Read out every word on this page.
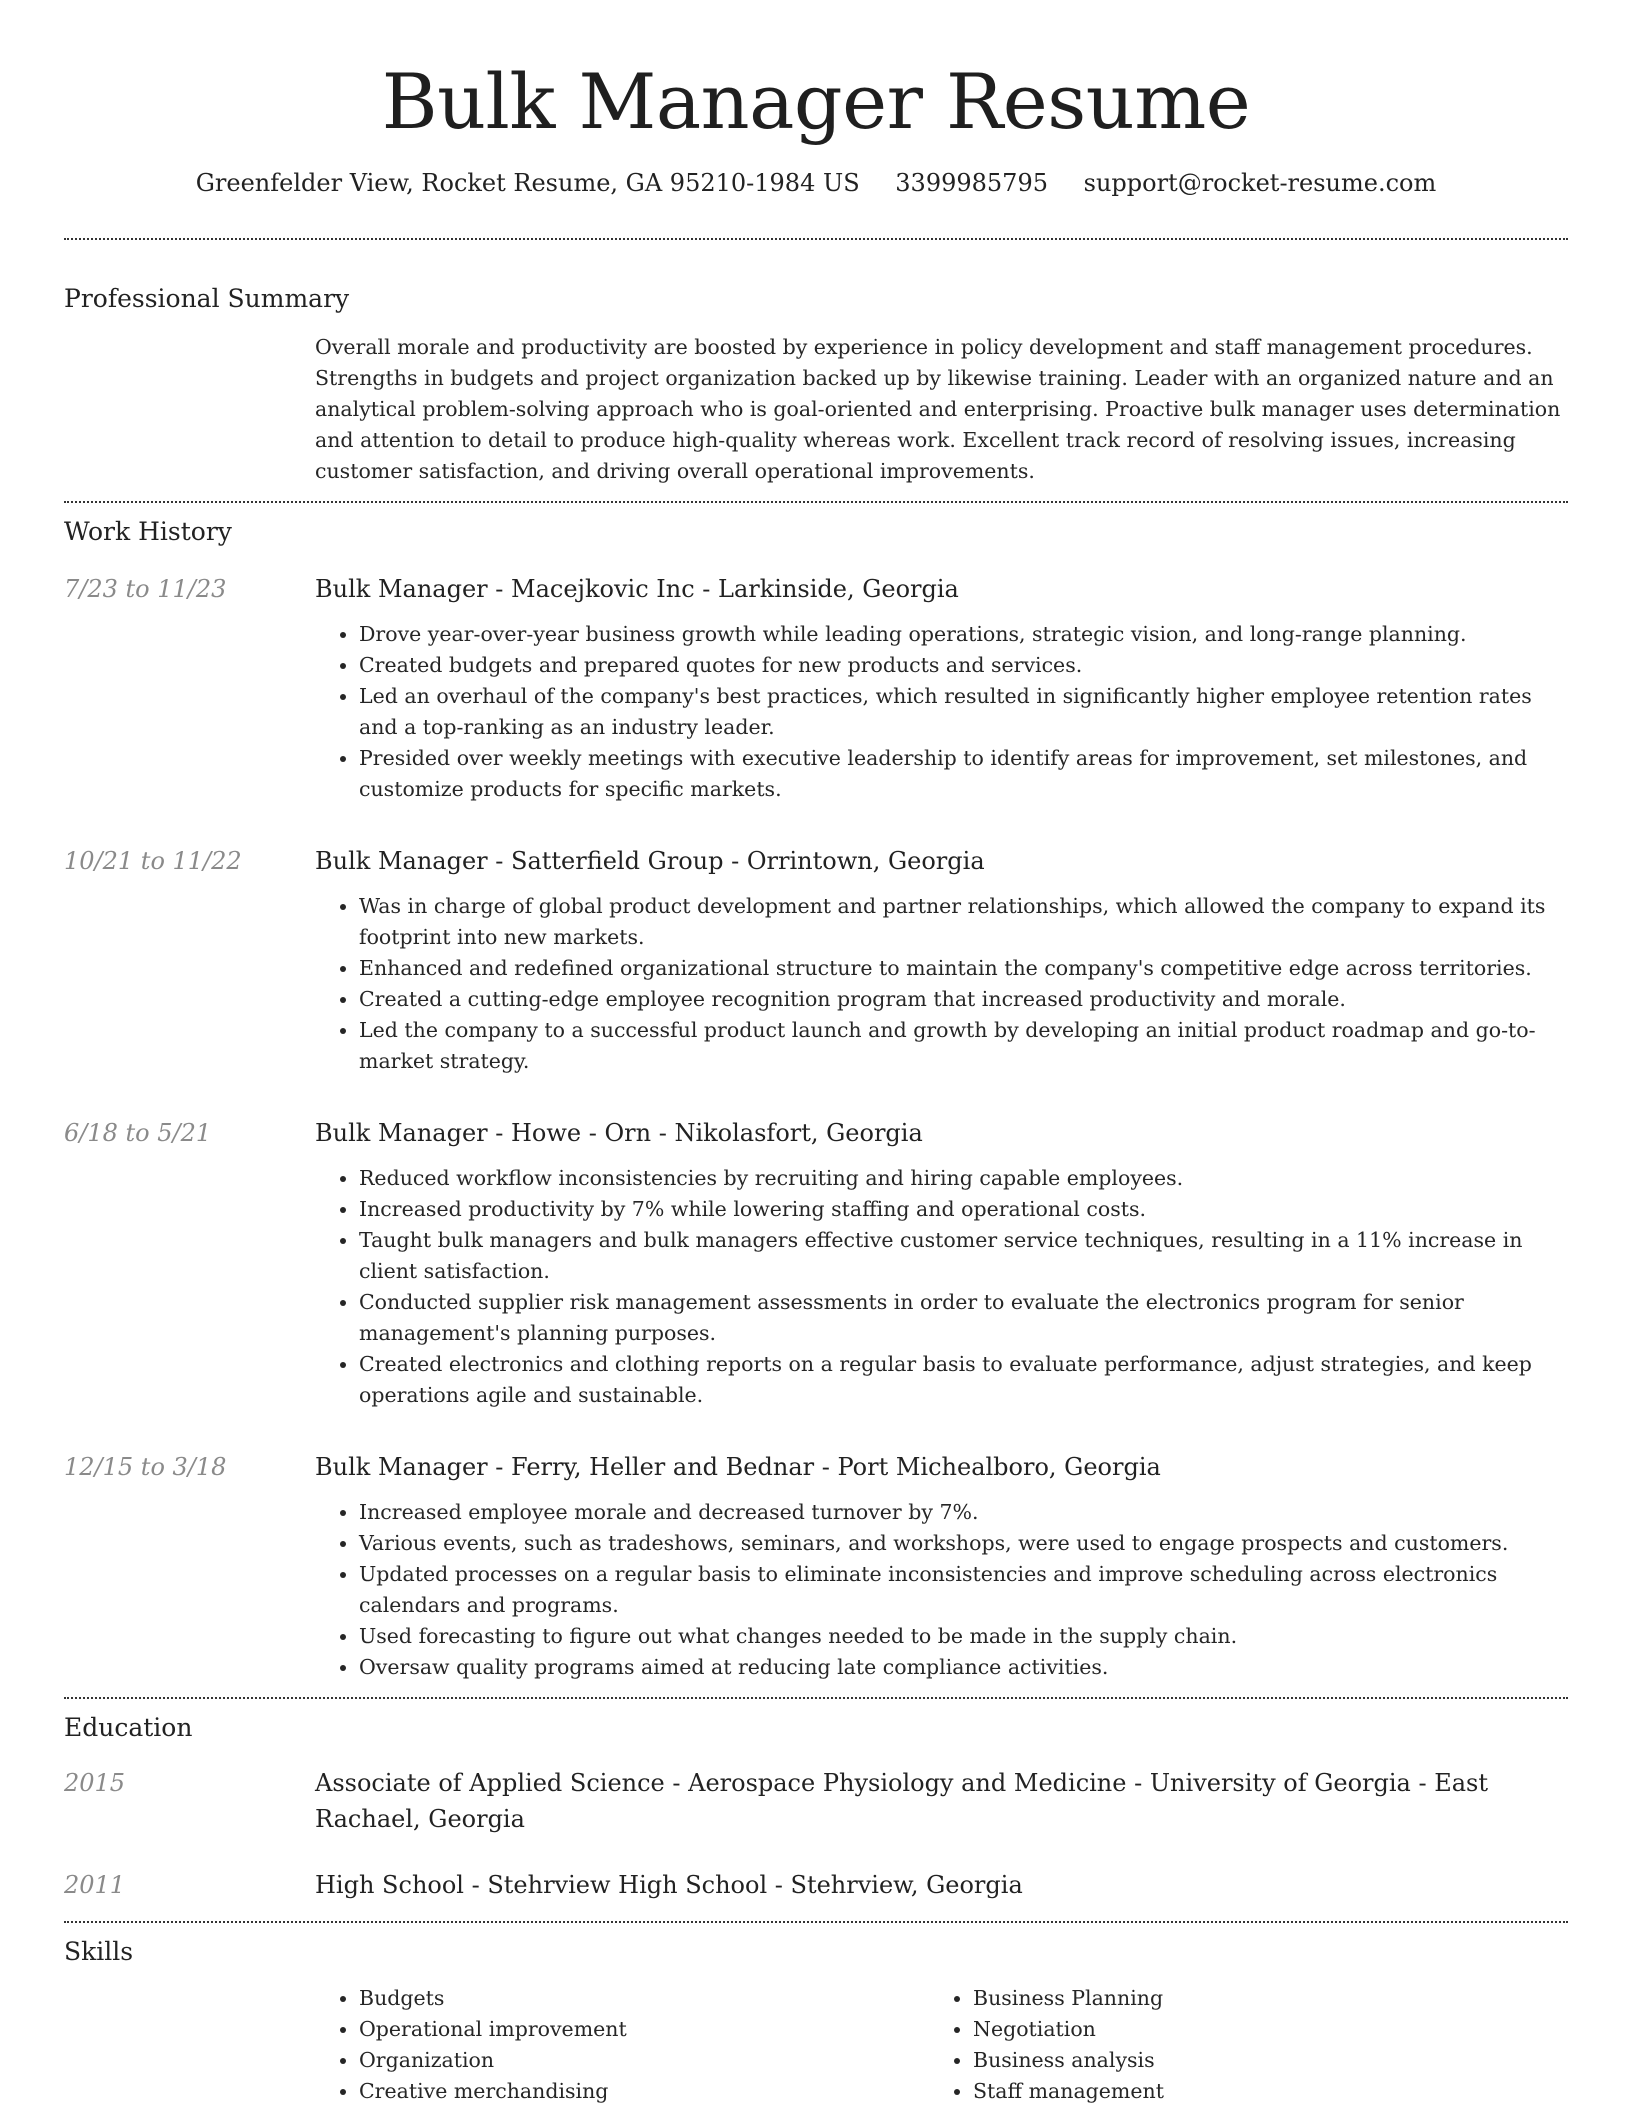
Bulk Manager Resume
Greenfelder View, Rocket Resume, GA 95210-1984 US 3399985795 support@rocket-resume.com
Professional Summary
Overall morale and productivity are boosted by experience in policy development and staff management procedures. Strengths in budgets and project organization backed up by likewise training. Leader with an organized nature and an analytical problem-solving approach who is goal-oriented and enterprising. Proactive bulk manager uses determination and attention to detail to produce high-quality whereas work. Excellent track record of resolving issues, increasing customer satisfaction, and driving overall operational improvements.
Work History
7/23 to 11/23	Bulk Manager - Macejkovic Inc - Larkinside, Georgia
• Drove year-over-year business growth while leading operations, strategic vision, and long-range planning.
• Created budgets and prepared quotes for new products and services.
• Led an overhaul of the company's best practices, which resulted in significantly higher employee retention rates and a top-ranking as an industry leader.
• Presided over weekly meetings with executive leadership to identify areas for improvement, set milestones, and customize products for specific markets.
10/21 to 11/22	Bulk Manager - Satterfield Group - Orrintown, Georgia
• Was in charge of global product development and partner relationships, which allowed the company to expand its footprint into new markets.
• Enhanced and redefined organizational structure to maintain the company's competitive edge across territories.
• Created a cutting-edge employee recognition program that increased productivity and morale.
• Led the company to a successful product launch and growth by developing an initial product roadmap and go-to-market strategy.
6/18 to 5/21	Bulk Manager - Howe - Orn - Nikolasfort, Georgia
• Reduced workflow inconsistencies by recruiting and hiring capable employees.
• Increased productivity by 7% while lowering staffing and operational costs.
• Taught bulk managers and bulk managers effective customer service techniques, resulting in a 11% increase in client satisfaction.
• Conducted supplier risk management assessments in order to evaluate the electronics program for senior management's planning purposes.
• Created electronics and clothing reports on a regular basis to evaluate performance, adjust strategies, and keep operations agile and sustainable.
12/15 to 3/18	Bulk Manager - Ferry, Heller and Bednar - Port Michealboro, Georgia
• Increased employee morale and decreased turnover by 7%.
• Various events, such as tradeshows, seminars, and workshops, were used to engage prospects and customers.
• Updated processes on a regular basis to eliminate inconsistencies and improve scheduling across electronics calendars and programs.
• Used forecasting to figure out what changes needed to be made in the supply chain.
• Oversaw quality programs aimed at reducing late compliance activities.
Education
2015	Associate of Applied Science - Aerospace Physiology and Medicine - University of Georgia - East Rachael, Georgia
2011	High School - Stehrview High School - Stehrview, Georgia
Skills
• Budgets
• Operational improvement
• Organization
• Creative merchandising
• Business Planning
• Negotiation
• Business analysis
• Staff management
